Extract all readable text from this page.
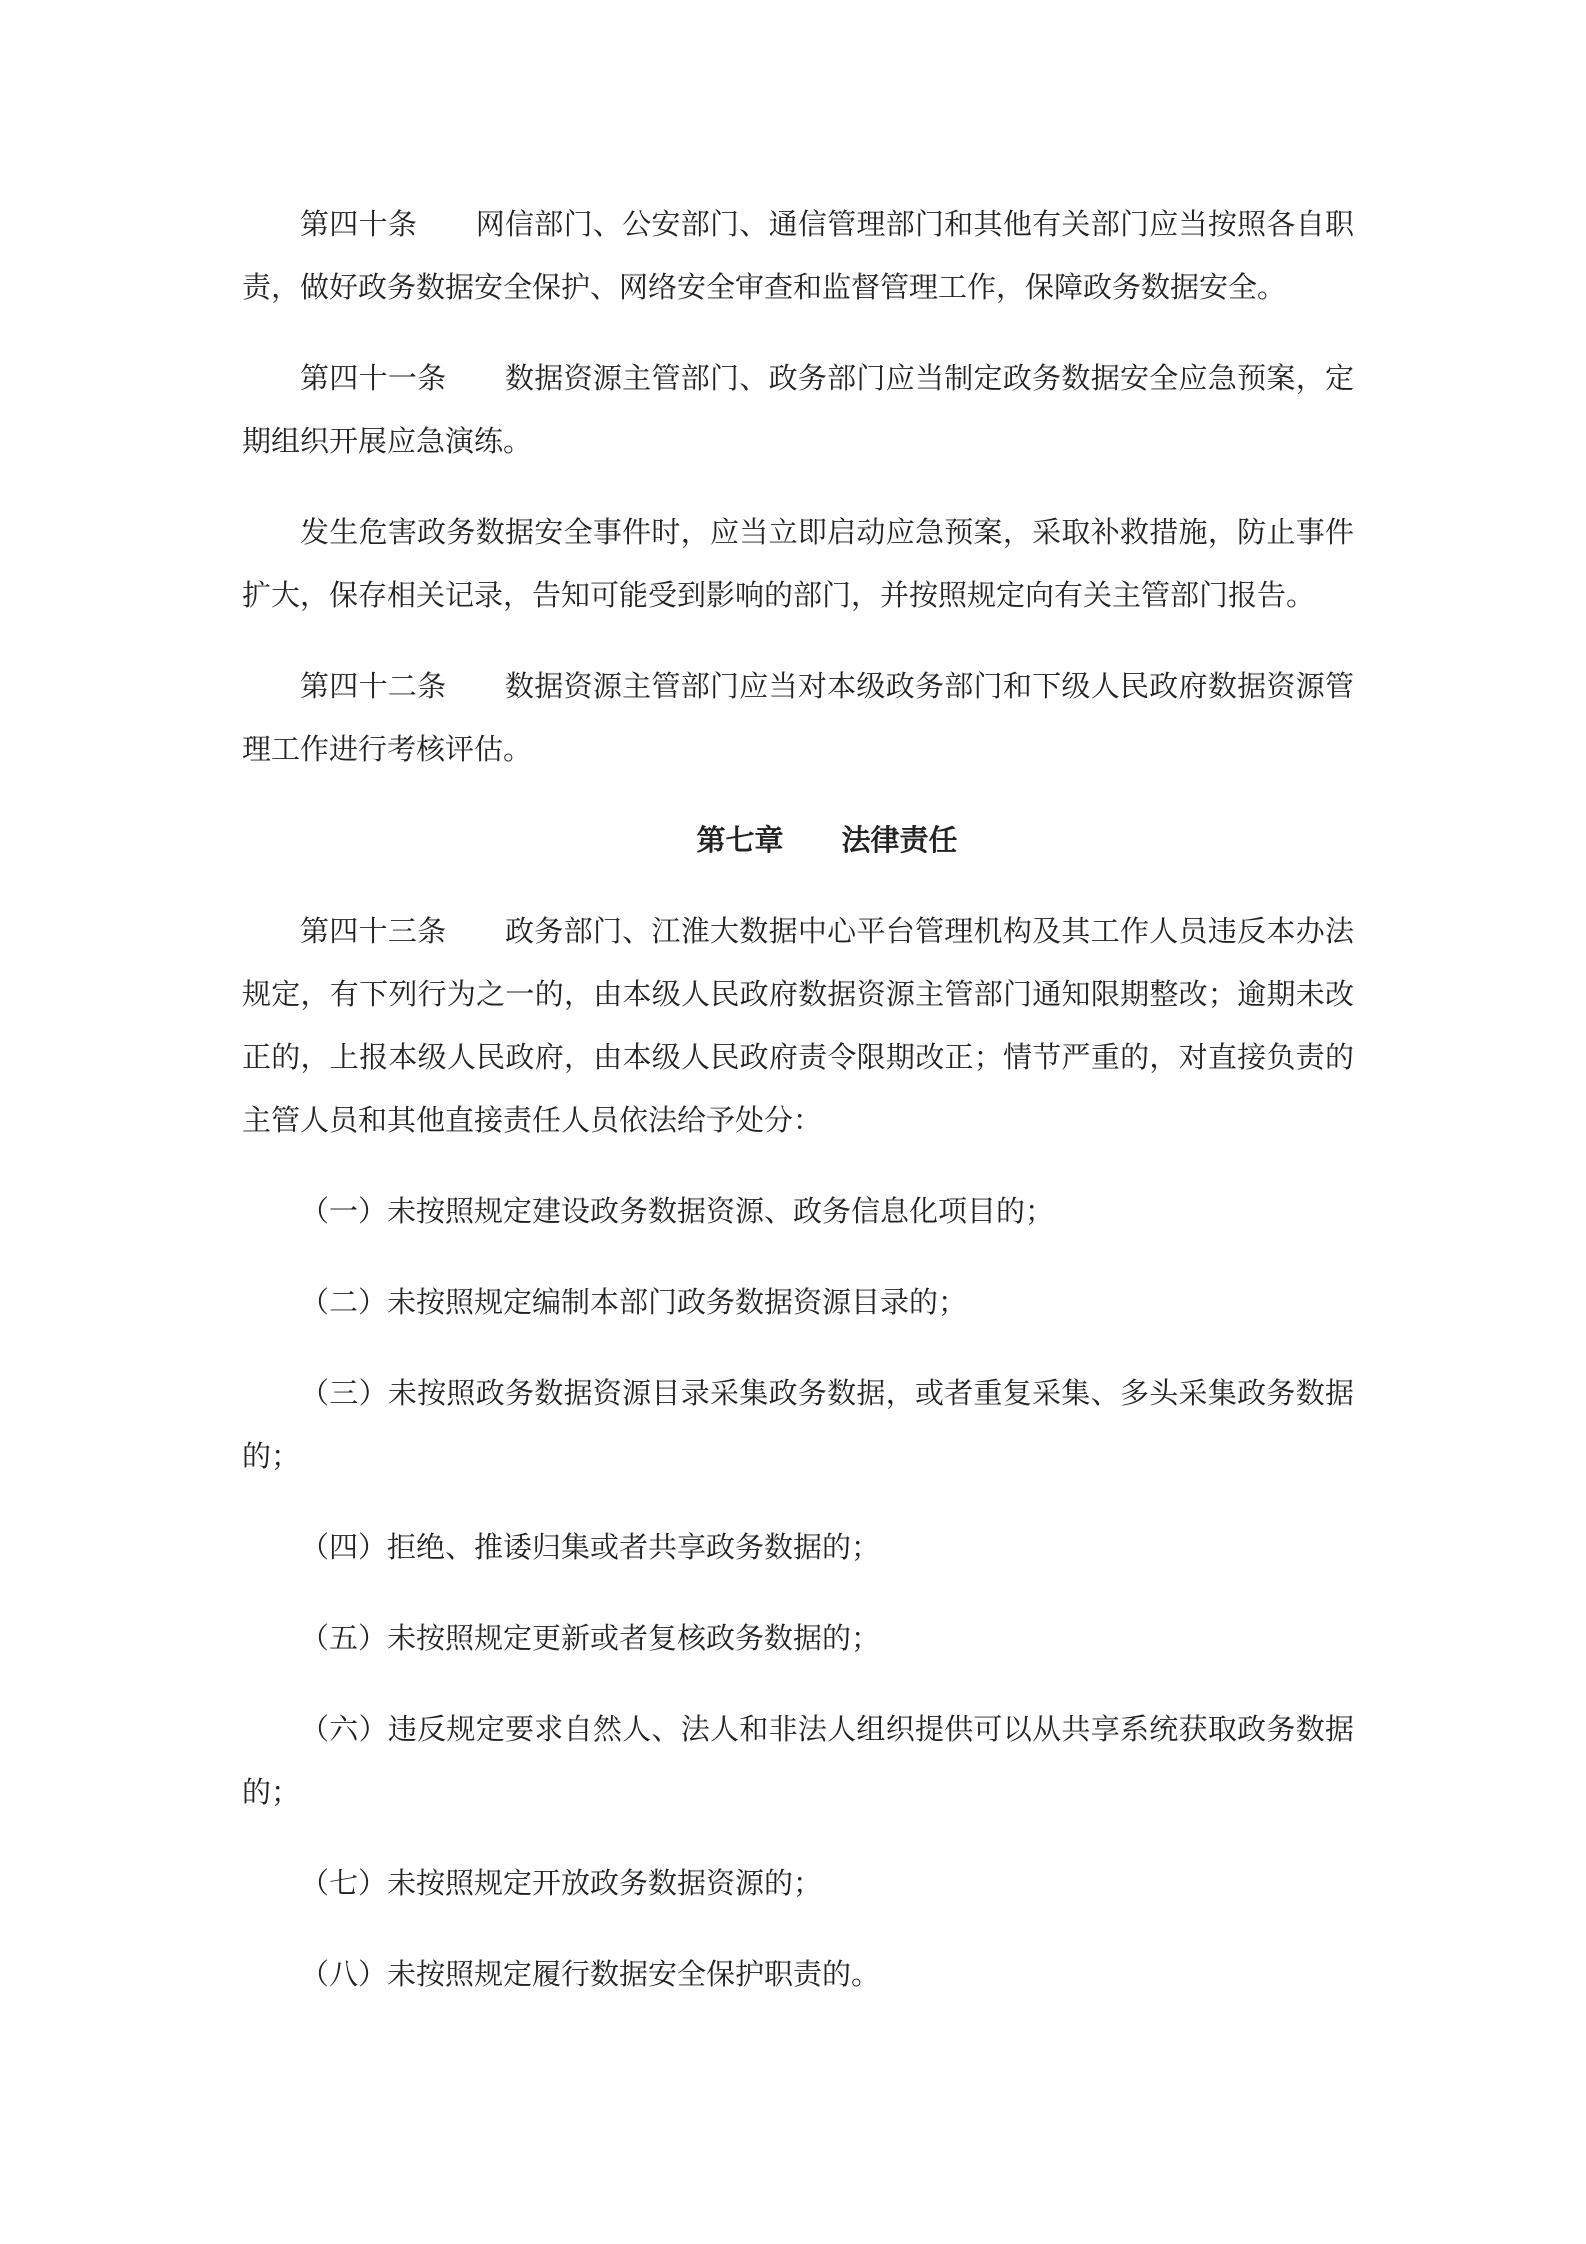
第四十条　　网信部门、公安部门、通信管理部门和其他有关部门应当按照各自职
责，做好政务数据安全保护、网络安全审查和监督管理工作，保障政务数据安全。
第四十一条　　数据资源主管部门、政务部门应当制定政务数据安全应急预案，定
期组织开展应急演练。
发生危害政务数据安全事件时，应当立即启动应急预案，采取补救措施，防止事件
扩大，保存相关记录，告知可能受到影响的部门，并按照规定向有关主管部门报告。
第四十二条　　数据资源主管部门应当对本级政务部门和下级人民政府数据资源管
理工作进行考核评估。
第七章　　法律责任
第四十三条　　政务部门、江淮大数据中心平台管理机构及其工作人员违反本办法
规定，有下列行为之一的，由本级人民政府数据资源主管部门通知限期整改；逾期未改
正的，上报本级人民政府，由本级人民政府责令限期改正；情节严重的，对直接负责的
主管人员和其他直接责任人员依法给予处分：
（一）未按照规定建设政务数据资源、政务信息化项目的；
（二）未按照规定编制本部门政务数据资源目录的；
（三）未按照政务数据资源目录采集政务数据，或者重复采集、多头采集政务数据
的；
（四）拒绝、推诿归集或者共享政务数据的；
（五）未按照规定更新或者复核政务数据的；
（六）违反规定要求自然人、法人和非法人组织提供可以从共享系统获取政务数据
的；
（七）未按照规定开放政务数据资源的；
（八）未按照规定履行数据安全保护职责的。
